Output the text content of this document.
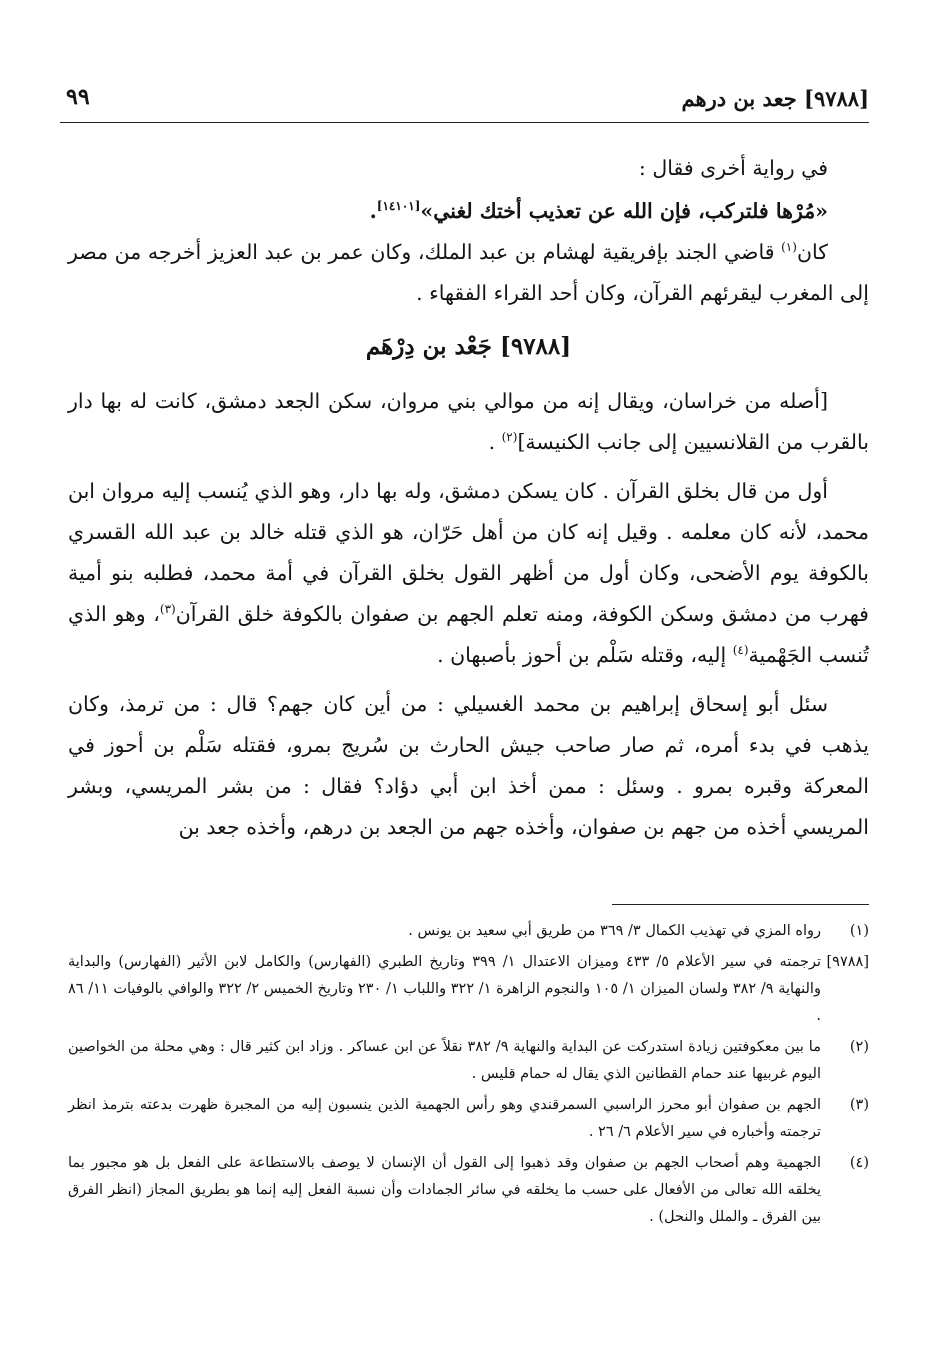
[٩٧٨٨] جعد بن درهم
٩٩

في رواية أخرى فقال :

«مُرْها فلتركب، فإن الله عن تعذيب أختك لغني»[١٤١٠١].

كان$^{(١)}$ قاضي الجند بإفريقية لهشام بن عبد الملك، وكان عمر بن عبد العزيز أخرجه من مصر إلى المغرب ليقرئهم القرآن، وكان أحد القراء الفقهاء .

[٩٧٨٨] جَعْد بن دِرْهَم

[أصله من خراسان، ويقال إنه من موالي بني مروان، سكن الجعد دمشق، كانت له بها دار بالقرب من القلانسيين إلى جانب الكنيسة]$^{(٢)}$ .

أول من قال بخلق القرآن . كان يسكن دمشق، وله بها دار، وهو الذي يُنسب إليه مروان ابن محمد، لأنه كان معلمه . وقيل إنه كان من أهل حَرّان، هو الذي قتله خالد بن عبد الله القسري بالكوفة يوم الأضحى، وكان أول من أظهر القول بخلق القرآن في أمة محمد، فطلبه بنو أمية فهرب من دمشق وسكن الكوفة، ومنه تعلم الجهم بن صفوان بالكوفة خلق القرآن$^{(٣)}$، وهو الذي تُنسب الجَهْمية$^{(٤)}$ إليه، وقتله سَلْم بن أحوز بأصبهان .

سئل أبو إسحاق إبراهيم بن محمد الغسيلي : من أين كان جهم؟ قال : من ترمذ، وكان يذهب في بدء أمره، ثم صار صاحب جيش الحارث بن سُريج بمرو، فقتله سَلْم بن أحوز في المعركة وقبره بمرو . وسئل : ممن أخذ ابن أبي دؤاد؟ فقال : من بشر المريسي، وبشر المريسي أخذه من جهم بن صفوان، وأخذه جهم من الجعد بن درهم، وأخذه جعد بن

(١)
رواه المزي في تهذيب الكمال ٣/ ٣٦٩ من طريق أبي سعيد بن يونس .
[٩٧٨٨]
ترجمته في سير الأعلام ٥/ ٤٣٣ وميزان الاعتدال ١/ ٣٩٩ وتاريخ الطبري (الفهارس) والكامل لابن الأثير (الفهارس) والبداية والنهاية ٩/ ٣٨٢ ولسان الميزان ١/ ١٠٥ والنجوم الزاهرة ١/ ٣٢٢ واللباب ١/ ٢٣٠ وتاريخ الخميس ٢/ ٣٢٢ والوافي بالوفيات ١١/ ٨٦ .
(٢)
ما بين معكوفتين زيادة استدركت عن البداية والنهاية ٩/ ٣٨٢ نقلاً عن ابن عساكر . وزاد ابن كثير قال : وهي محلة من الخواصين اليوم غربيها عند حمام القطانين الذي يقال له حمام قليس .
(٣)
الجهم بن صفوان أبو محرز الراسبي السمرقندي وهو رأس الجهمية الذين ينسبون إليه من المجبرة ظهرت بدعته بترمذ انظر ترجمته وأخباره في سير الأعلام ٦/ ٢٦ .
(٤)
الجهمية وهم أصحاب الجهم بن صفوان وقد ذهبوا إلى القول أن الإنسان لا يوصف بالاستطاعة على الفعل بل هو مجبور بما يخلقه الله تعالى من الأفعال على حسب ما يخلقه في سائر الجمادات وأن نسبة الفعل إليه إنما هو بطريق المجاز (انظر الفرق بين الفرق ـ والملل والنحل) .
